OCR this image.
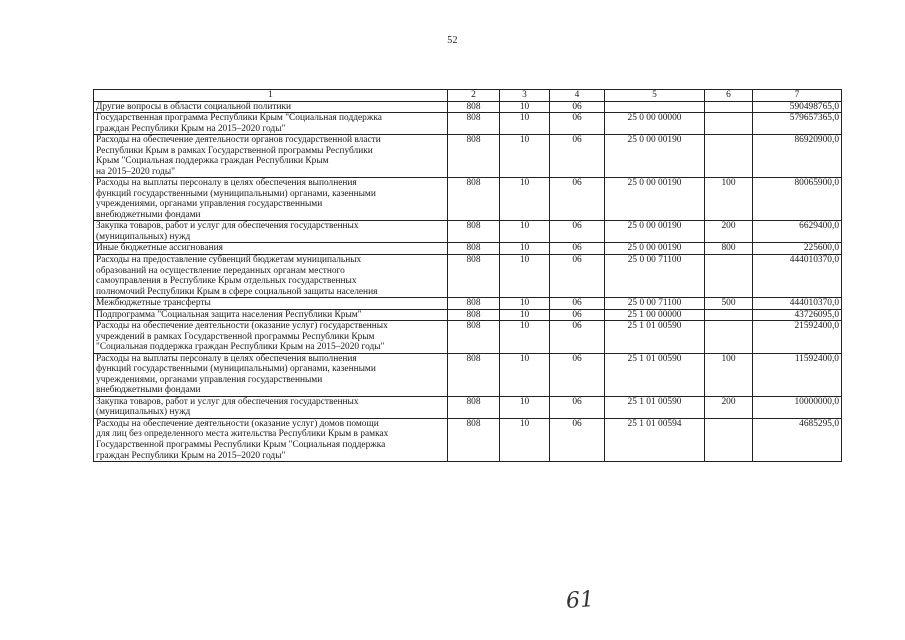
52
1	2	3	4	5	6	7

Другие вопросы в области социальной политики	808	10	06			590498765,0

Государственная программа Республики Крым "Социальная поддержка
граждан Республики Крым на 2015–2020 годы"	808	10	06	25 0 00 00000		579657365,0

Расходы на обеспечение деятельности органов государственной власти
Республики Крым в рамках Государственной программы Республики
Крым "Социальная поддержка граждан Республики Крым
на 2015–2020 годы"	808	10	06	25 0 00 00190		86920900,0

Расходы на выплаты персоналу в целях обеспечения выполнения
функций государственными (муниципальными) органами, казенными
учреждениями, органами управления государственными
внебюджетными фондами	808	10	06	25 0 00 00190	100	80065900,0

Закупка товаров, работ и услуг для обеспечения государственных
(муниципальных) нужд	808	10	06	25 0 00 00190	200	6629400,0

Иные бюджетные ассигнования	808	10	06	25 0 00 00190	800	225600,0

Расходы на предоставление субвенций бюджетам муниципальных
образований на осуществление переданных органам местного
самоуправления в Республике Крым отдельных государственных
полномочий Республики Крым в сфере социальной защиты населения	808	10	06	25 0 00 71100		444010370,0

Межбюджетные трансферты	808	10	06	25 0 00 71100	500	444010370,0

Подпрограмма "Социальная защита населения Республики Крым"	808	10	06	25 1 00 00000		43726095,0

Расходы на обеспечение деятельности (оказание услуг) государственных
учреждений в рамках Государственной программы Республики Крым
"Социальная поддержка граждан Республики Крым на 2015–2020 годы"	808	10	06	25 1 01 00590		21592400,0

Расходы на выплаты персоналу в целях обеспечения выполнения
функций государственными (муниципальными) органами, казенными
учреждениями, органами управления государственными
внебюджетными фондами	808	10	06	25 1 01 00590	100	11592400,0

Закупка товаров, работ и услуг для обеспечения государственных
(муниципальных) нужд	808	10	06	25 1 01 00590	200	10000000,0

Расходы на обеспечение деятельности (оказание услуг) домов помощи
для лиц без определенного места жительства Республики Крым в рамках
Государственной программы Республики Крым "Социальная поддержка
граждан Республики Крым на 2015–2020 годы"	808	10	06	25 1 01 00594		4685295,0
61
